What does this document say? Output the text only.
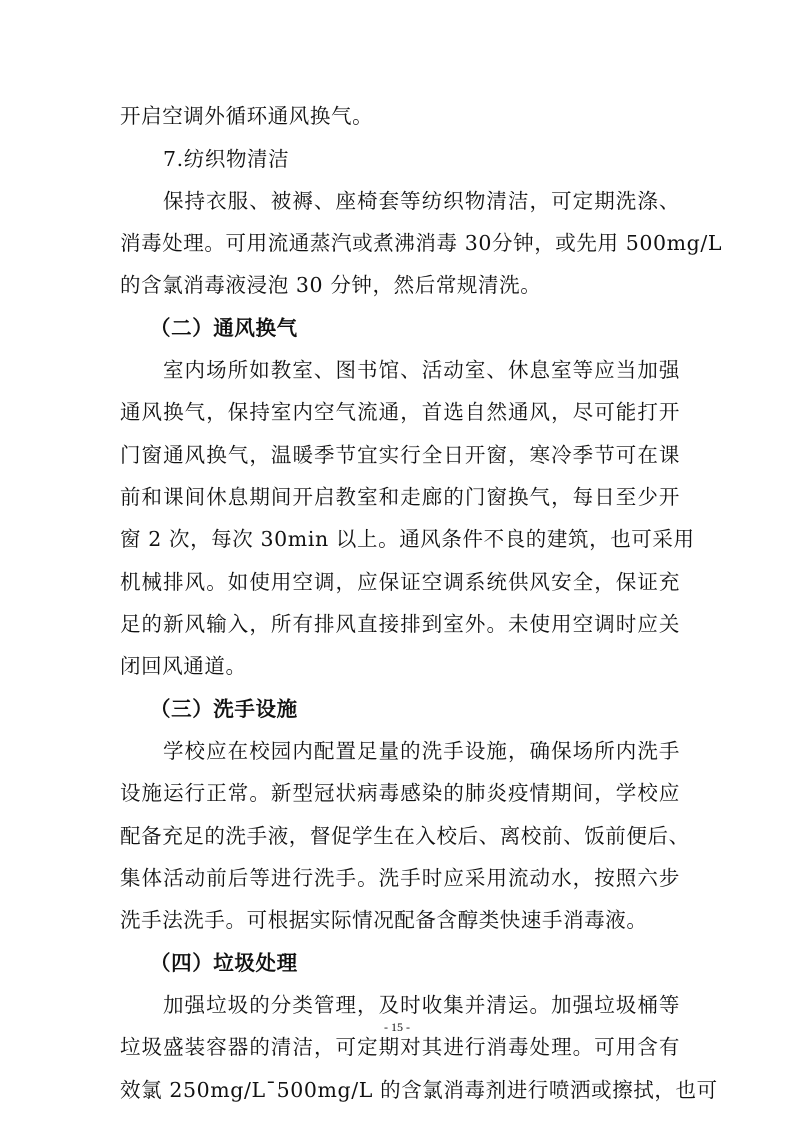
开启空调外循环通风换气。
7.纺织物清洁
保持衣服、被褥、座椅套等纺织物清洁，可定期洗涤、
消毒处理。可用流通蒸汽或煮沸消毒 30分钟，或先用 500mg/L
的含氯消毒液浸泡 30 分钟，然后常规清洗。
（二）通风换气
室内场所如教室、图书馆、活动室、休息室等应当加强
通风换气，保持室内空气流通，首选自然通风，尽可能打开
门窗通风换气，温暖季节宜实行全日开窗，寒冷季节可在课
前和课间休息期间开启教室和走廊的门窗换气，每日至少开
窗 2 次，每次 30min 以上。通风条件不良的建筑，也可采用
机械排风。如使用空调，应保证空调系统供风安全，保证充
足的新风输入，所有排风直接排到室外。未使用空调时应关
闭回风通道。
（三）洗手设施
学校应在校园内配置足量的洗手设施，确保场所内洗手
设施运行正常。新型冠状病毒感染的肺炎疫情期间，学校应
配备充足的洗手液，督促学生在入校后、离校前、饭前便后、
集体活动前后等进行洗手。洗手时应采用流动水，按照六步
洗手法洗手。可根据实际情况配备含醇类快速手消毒液。
（四）垃圾处理
加强垃圾的分类管理，及时收集并清运。加强垃圾桶等
垃圾盛装容器的清洁，可定期对其进行消毒处理。可用含有
效氯 250mg/L¯500mg/L 的含氯消毒剂进行喷洒或擦拭，也可
- 15 -
